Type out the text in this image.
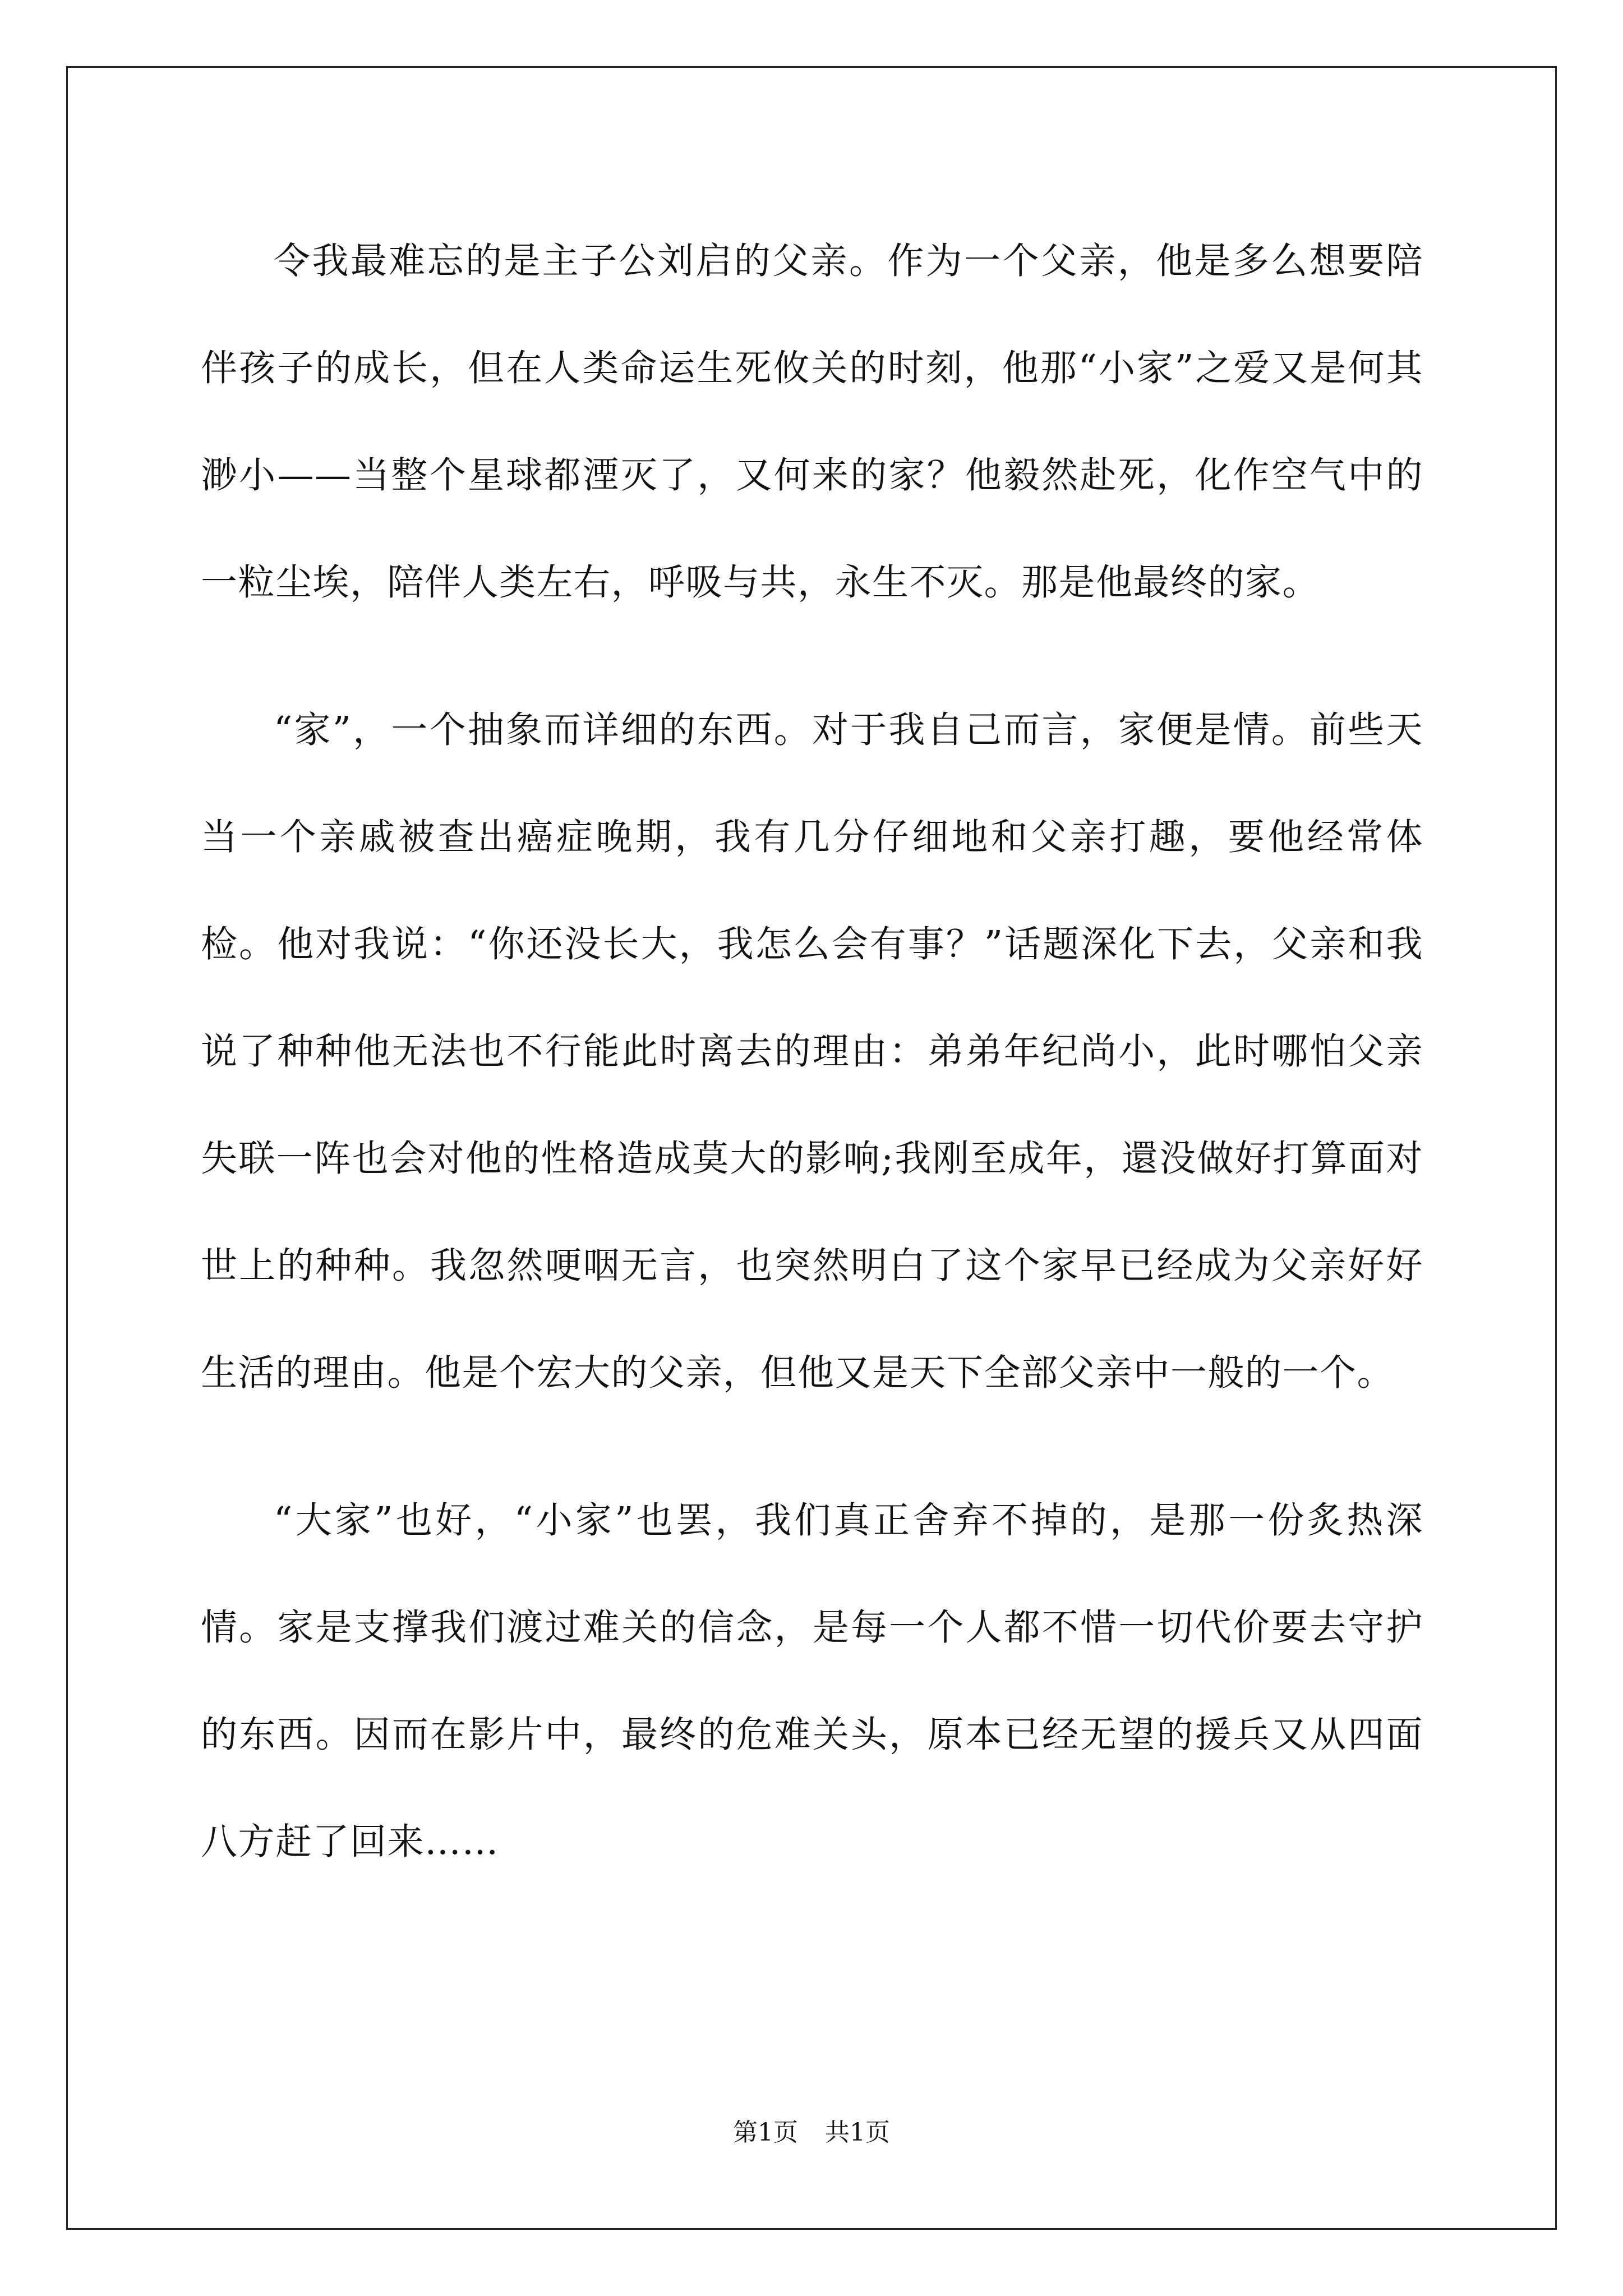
令我最难忘的是主子公刘启的父亲。作为一个父亲，他是多么想要陪伴孩子的成长，但在人类命运生死攸关的时刻，他那“小家”之爱又是何其渺小——当整个星球都湮灭了，又何来的家？他毅然赴死，化作空气中的一粒尘埃，陪伴人类左右，呼吸与共，永生不灭。那是他最终的家。

“家”，一个抽象而详细的东西。对于我自己而言，家便是情。前些天当一个亲戚被查出癌症晚期，我有几分仔细地和父亲打趣，要他经常体检。他对我说：“你还没长大，我怎么会有事？”话题深化下去，父亲和我说了种种他无法也不行能此时离去的理由：弟弟年纪尚小，此时哪怕父亲失联一阵也会对他的性格造成莫大的影响;我刚至成年，還没做好打算面对世上的种种。我忽然哽咽无言，也突然明白了这个家早已经成为父亲好好生活的理由。他是个宏大的父亲，但他又是天下全部父亲中一般的一个。

“大家”也好，“小家”也罢，我们真正舍弃不掉的，是那一份炙热深情。家是支撑我们渡过难关的信念，是每一个人都不惜一切代价要去守护的东西。因而在影片中，最终的危难关头，原本已经无望的援兵又从四面八方赶了回来……

第1页 共1页
